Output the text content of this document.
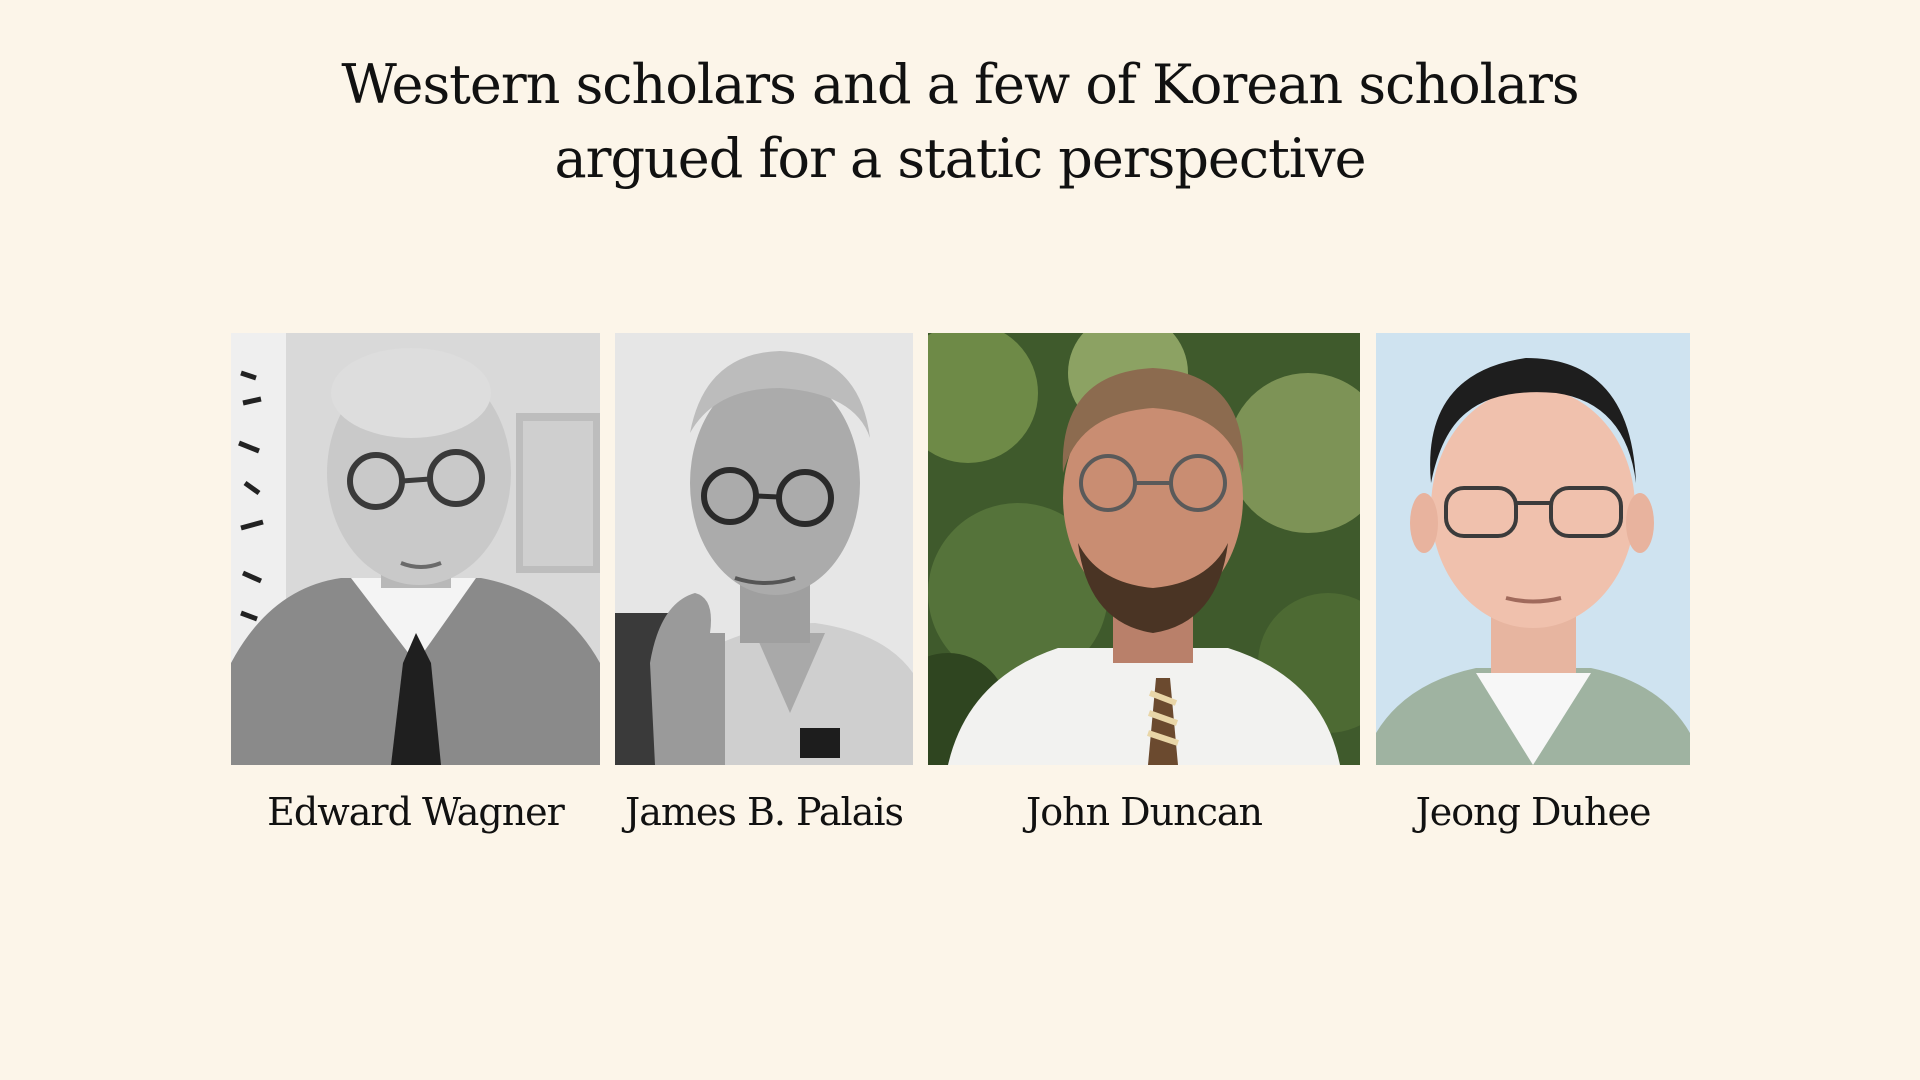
Western scholars and a few of Korean scholars
argued for a static perspective
Edward Wagner	James B. Palais	John Duncan	Jeong Duhee
